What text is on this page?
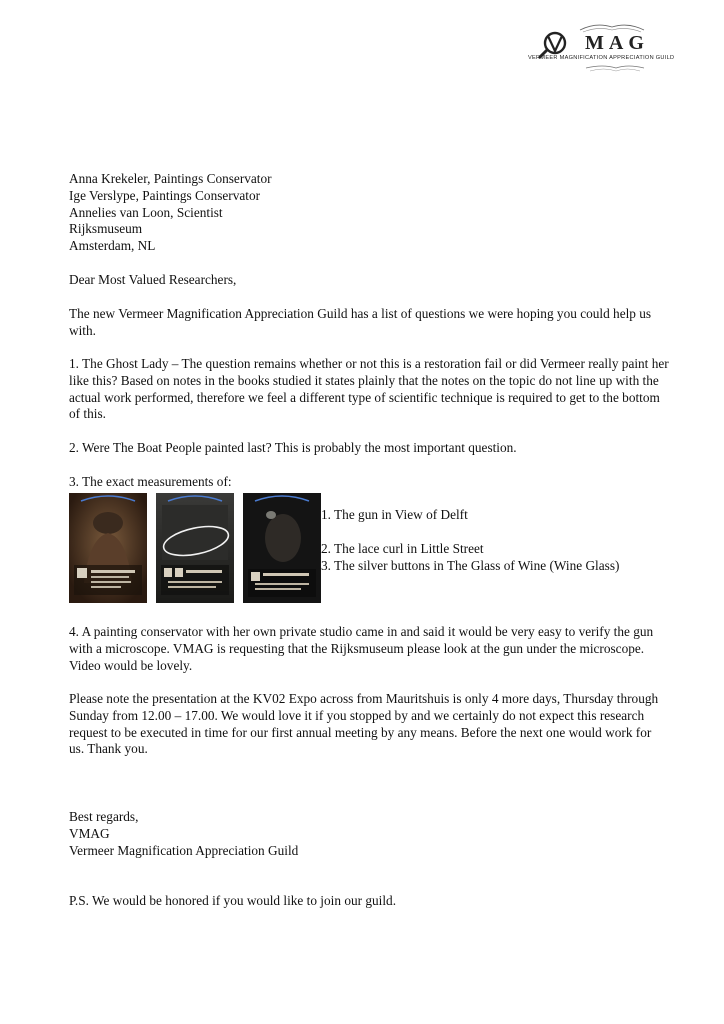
MAG
VERMEER MAGNIFICATION APPRECIATION GUILD
Anna Krekeler, Paintings Conservator
Ige Verslype, Paintings Conservator
Annelies van Loon, Scientist
Rijksmuseum
Amsterdam, NL

Dear Most Valued Researchers,

The new Vermeer Magnification Appreciation Guild has a list of questions we were hoping you could help us with.

1. The Ghost Lady – The question remains whether or not this is a restoration fail or did Vermeer really paint her like this? Based on notes in the books studied it states plainly that the notes on the topic do not line up with the actual work performed, therefore we feel a different type of scientific technique is required to get to the bottom of this.

2. Were The Boat People painted last? This is probably the most important question.

3. The exact measurements of:

1. The gun in View of Delft
2. The lace curl in Little Street
3. The silver buttons in The Glass of Wine (Wine Glass)

4. A painting conservator with her own private studio came in and said it would be very easy to verify the gun with a microscope. VMAG is requesting that the Rijksmuseum please look at the gun under the microscope. Video would be lovely.

Please note the presentation at the KV02 Expo across from Mauritshuis is only 4 more days, Thursday through Sunday from 12.00 – 17.00. We would love it if you stopped by and we certainly do not expect this research request to be executed in time for our first annual meeting by any means. Before the next one would work for us. Thank you.

Best regards,
VMAG
Vermeer Magnification Appreciation Guild

P.S. We would be honored if you would like to join our guild.
